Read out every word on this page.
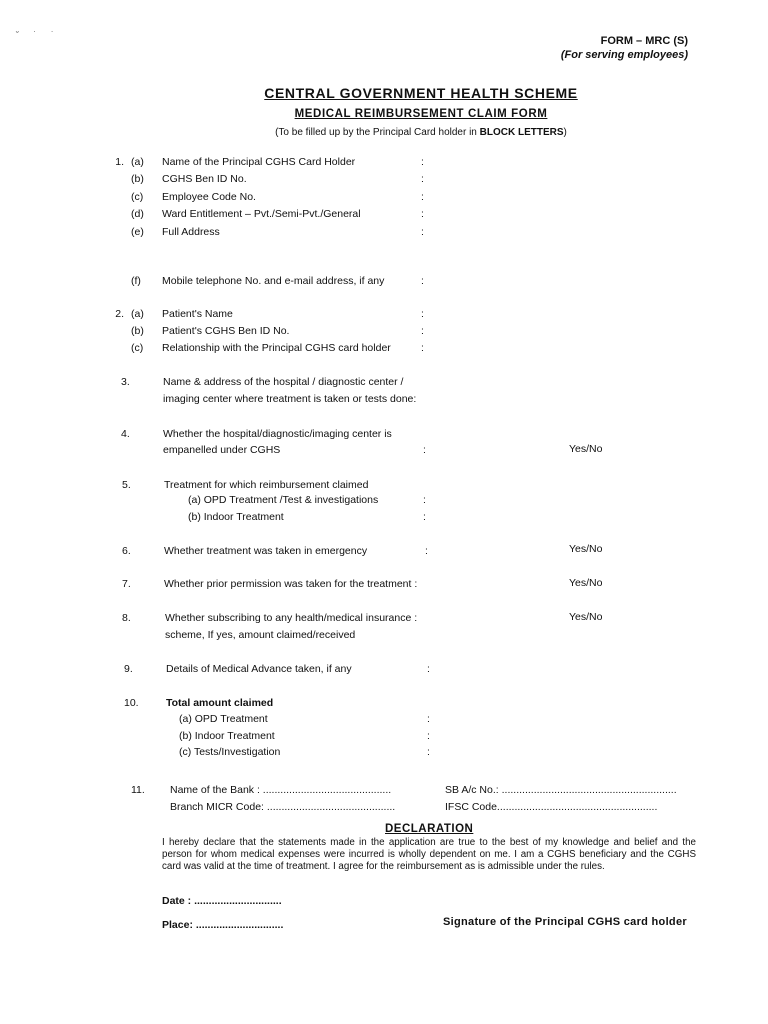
˘ ˙ ˙	FORM – MRC (S)
(For serving employees)
CENTRAL GOVERNMENT HEALTH SCHEME
MEDICAL REIMBURSEMENT CLAIM FORM
(To be filled up by the Principal Card holder in BLOCK LETTERS)
1. (a) Name of the Principal CGHS Card Holder	:
(b) CGHS Ben ID No.	:
(c) Employee Code No.	:
(d) Ward Entitlement – Pvt./Semi-Pvt./General	:
(e) Full Address	:
(f) Mobile telephone No. and e-mail address, if any	:
2. (a) Patient's Name	:
(b) Patient's CGHS Ben ID No.	:
(c) Relationship with the Principal CGHS card holder	:
3.	Name & address of the hospital / diagnostic center /
imaging center where treatment is taken or tests done:
4.	Whether the hospital/diagnostic/imaging center is
empanelled under CGHS	:	Yes/No
5.	Treatment for which reimbursement claimed
(a) OPD Treatment /Test & investigations	:
(b) Indoor Treatment	:
6.	Whether treatment was taken in emergency	:	Yes/No
7.	Whether prior permission was taken for the treatment :	Yes/No
8.	Whether subscribing to any health/medical insurance :
scheme, If yes, amount claimed/received
Yes/No
9.	Details of Medical Advance taken, if any	:
10.	Total amount claimed
(a) OPD Treatment	:
(b) Indoor Treatment	:
(c) Tests/Investigation	:
11. Name of the Bank : ............................................	SB A/c No.: ............................................................
Branch MICR Code: ............................................	IFSC Code.......................................................
DECLARATION
I hereby declare that the statements made in the application are true to the best of my knowledge and belief and the person for whom medical expenses were incurred is wholly dependent on me. I am a CGHS beneficiary and the CGHS card was valid at the time of treatment. I agree for the reimbursement as is admissible under the rules.
Date : ..............................
Place: ..............................	Signature of the Principal CGHS card holder
